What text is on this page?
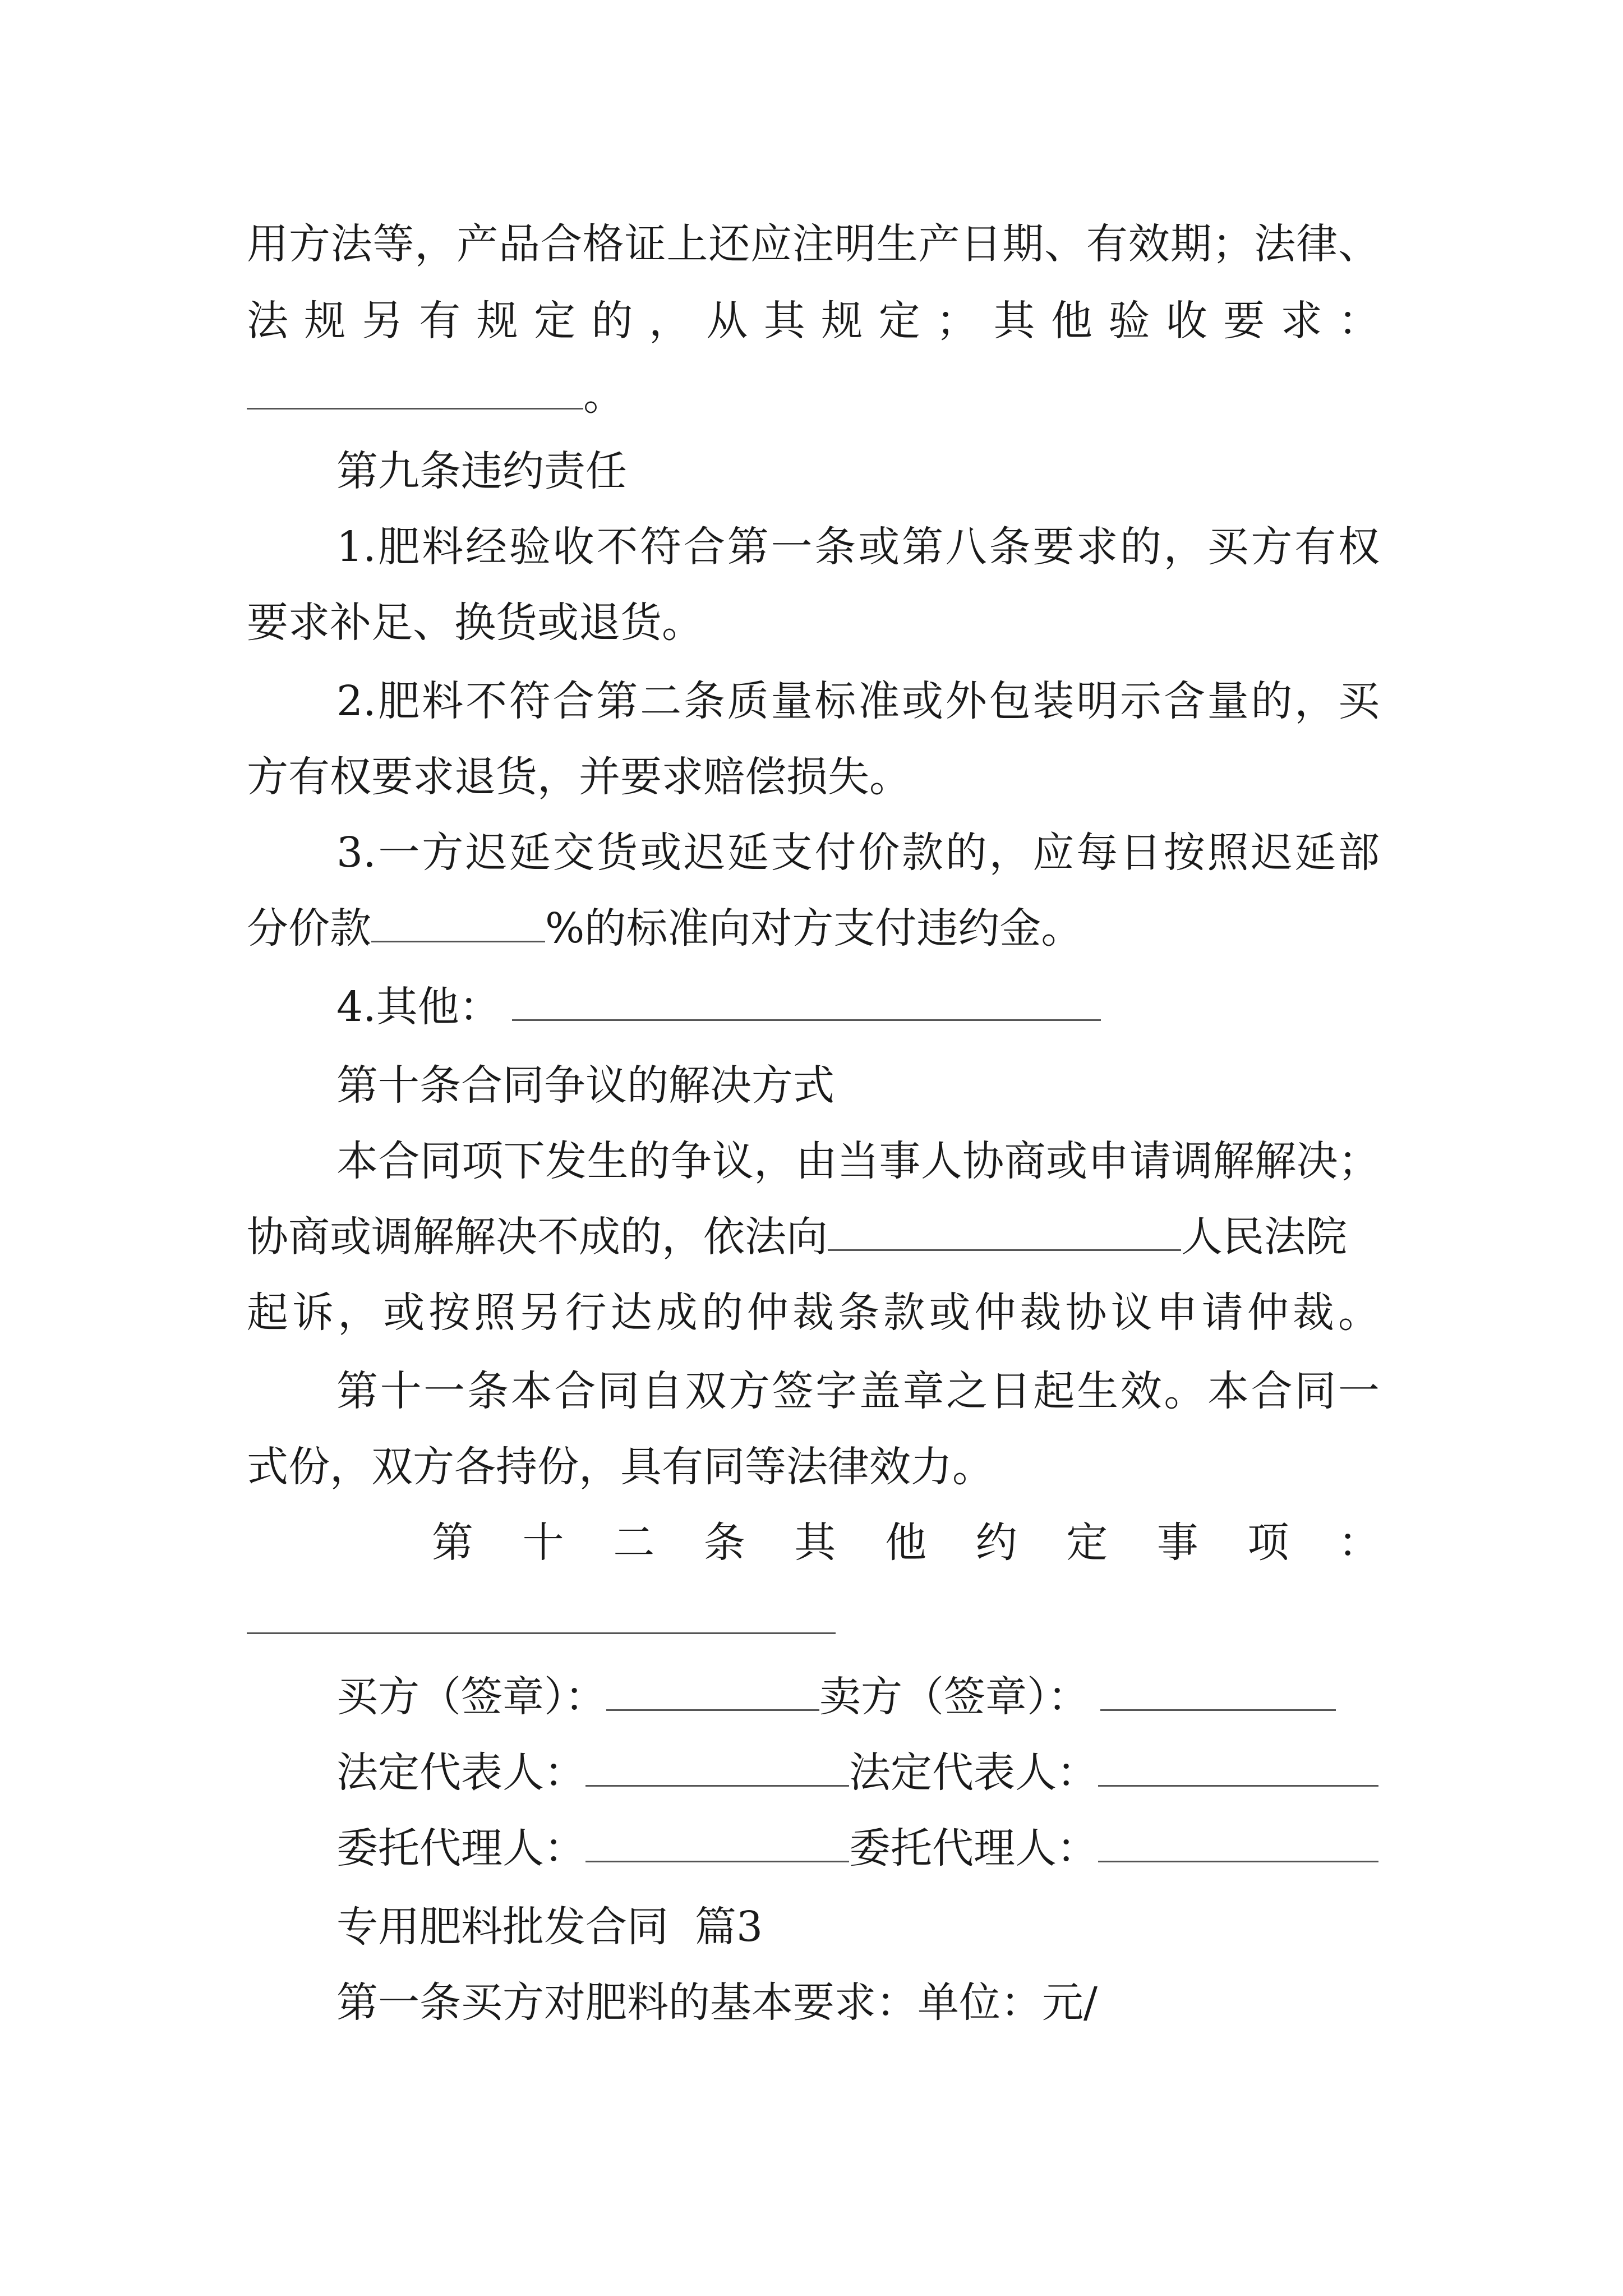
用方法等，产品合格证上还应注明生产日期、有效期；法律、
法规另有规定的，从其规定；其他验收要求：
。
第九条违约责任
1.肥料经验收不符合第一条或第八条要求的，买方有权
要求补足、换货或退货。
2.肥料不符合第二条质量标准或外包装明示含量的，买
方有权要求退货，并要求赔偿损失。
3.一方迟延交货或迟延支付价款的，应每日按照迟延部
分价款	%的标准向对方支付违约金。
4.其他：
第十条合同争议的解决方式
本合同项下发生的争议，由当事人协商或申请调解解决；
协商或调解解决不成的，依法向	人民法院
起诉，或按照另行达成的仲裁条款或仲裁协议申请仲裁。
第十一条本合同自双方签字盖章之日起生效。本合同一
式份，双方各持份，具有同等法律效力。
第十二条其他约定事项：
买方（签章）：	卖方（签章）：
法定代表人：	法定代表人：
委托代理人：	委托代理人：
专用肥料批发合同  篇3
第一条买方对肥料的基本要求：单位：元/
